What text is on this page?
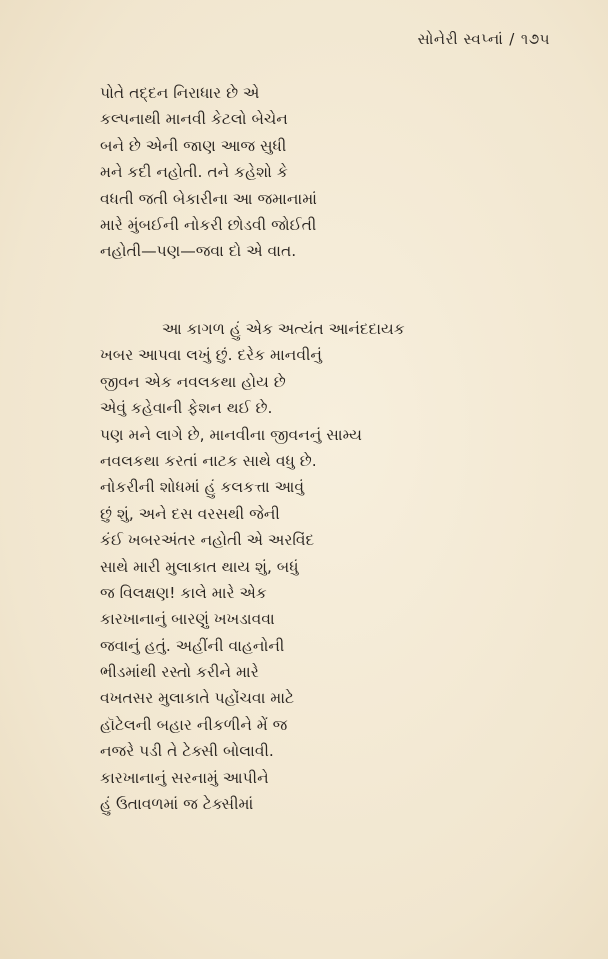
સોનેરી સ્વપ્નાં / ૧૭૫
પોતે તદ્દન નિરાધાર છે એ
કલ્પનાથી માનવી કેટલો બેચેન
બને છે એની જાણ આજ સુધી
મને કદી નહોતી. તને કહેશો કે
વધતી જતી બેકારીના આ જમાનામાં
મારે મુંબઈની નોકરી છોડવી જોઈતી
નહોતી—પણ—જવા દો એ વાત.
આ કાગળ હું એક અત્યંત આનંદદાયક
ખબર આપવા લખું છું. દરેક માનવીનું
જીવન એક નવલકથા હોય છે
એવું કહેવાની ફેશન થઈ છે.
પણ મને લાગે છે, માનવીના જીવનનું સામ્ય
નવલકથા કરતાં નાટક સાથે વધુ છે.
નોકરીની શોધમાં હું કલકત્તા આવું
છું શું, અને દસ વરસથી જેની
કંઈ ખબરઅંતર નહોતી એ અરવિંદ
સાથે મારી મુલાકાત થાય શું, બધું
જ વિલક્ષણ! કાલે મારે એક
કારખાનાનું બારણું ખખડાવવા
જવાનું હતું. અહીંની વાહનોની
ભીડમાંથી રસ્તો કરીને મારે
વખતસર મુલાકાતે પહોંચવા માટે
હૉટેલની બહાર નીકળીને મેં જ
નજરે પડી તે ટેક્સી બોલાવી.
કારખાનાનું સરનામું આપીને
હું ઉતાવળમાં જ ટેક્સીમાં
